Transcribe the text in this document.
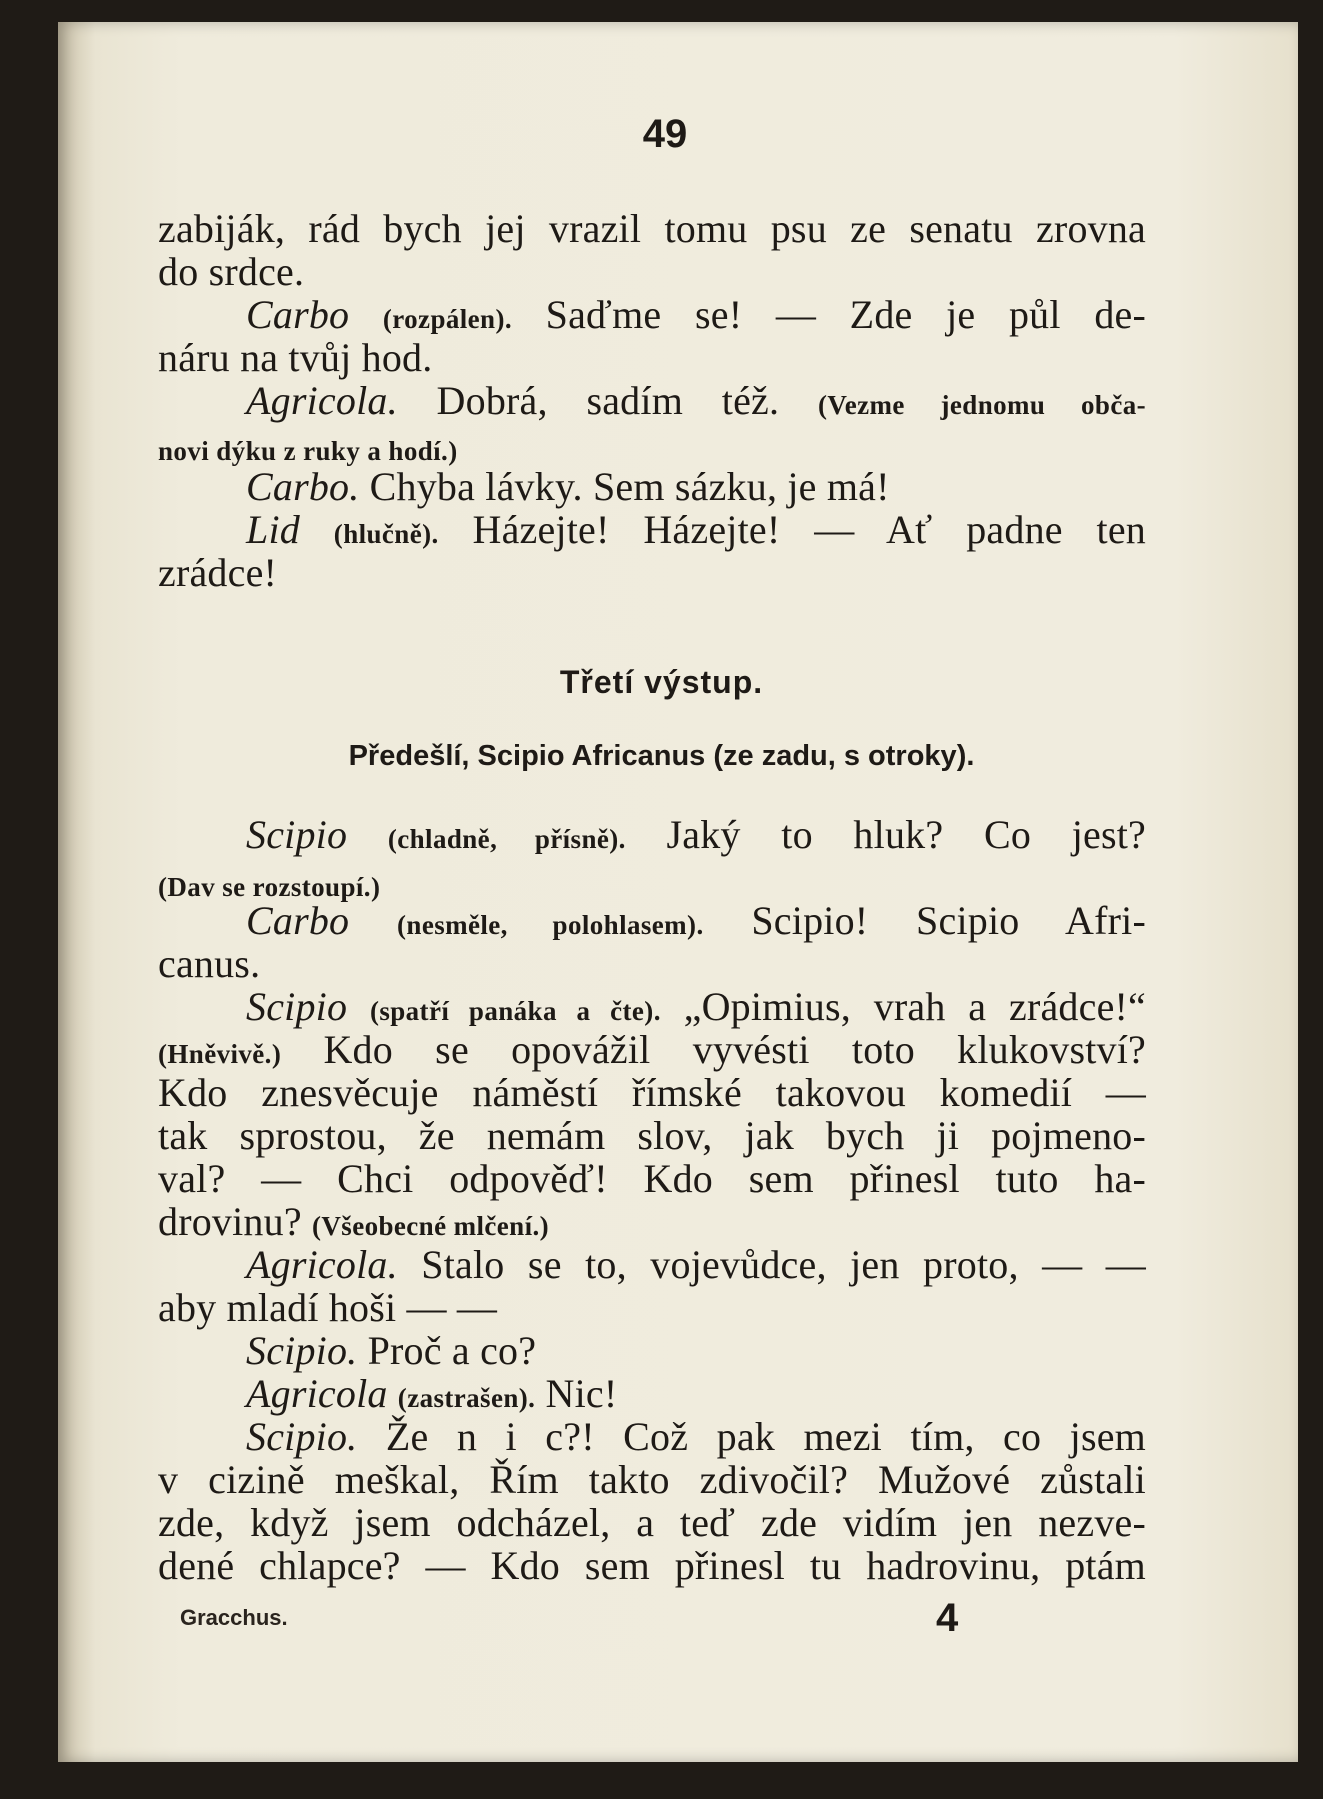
49
zabiják, rád bych jej vrazil tomu psu ze senatu zrovna
do srdce.
Carbo (rozpálen). Saďme se! — Zde je půl de-
náru na tvůj hod.
Agricola. Dobrá, sadím též. (Vezme jednomu obča-
novi dýku z ruky a hodí.)
Carbo. Chyba lávky. Sem sázku, je má!
Lid (hlučně). Házejte! Házejte! — Ať padne ten
zrádce!
Třetí výstup.
Předešlí, Scipio Africanus (ze zadu, s otroky).
Scipio (chladně, přísně). Jaký to hluk? Co jest?
(Dav se rozstoupí.)
Carbo (nesměle, polohlasem). Scipio! Scipio Afri-
canus.
Scipio (spatří panáka a čte). „Opimius, vrah a zrádce!“
(Hněvivě.) Kdo se opovážil vyvésti toto klukovství?
Kdo znesvěcuje náměstí římské takovou komedií —
tak sprostou, že nemám slov, jak bych ji pojmeno-
val? — Chci odpověď! Kdo sem přinesl tuto ha-
drovinu? (Všeobecné mlčení.)
Agricola. Stalo se to, vojevůdce, jen proto, — —
aby mladí hoši — —
Scipio. Proč a co?
Agricola (zastrašen). Nic!
Scipio. Že n i c?! Což pak mezi tím, co jsem
v cizině meškal, Řím takto zdivočil? Mužové zůstali
zde, když jsem odcházel, a teď zde vidím jen nezve-
dené chlapce? — Kdo sem přinesl tu hadrovinu, ptám
Gracchus.	4
